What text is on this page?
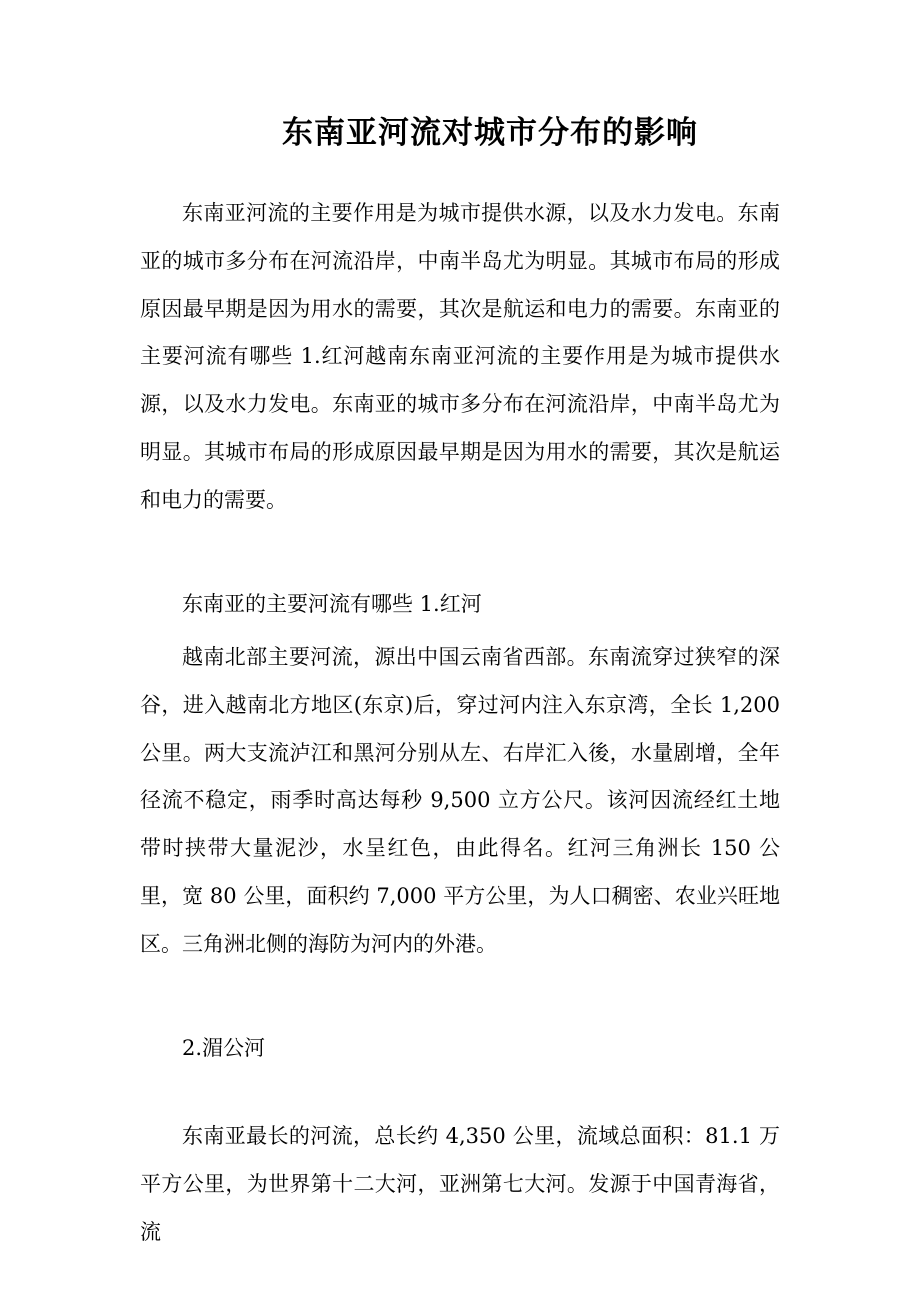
东南亚河流对城市分布的影响

东南亚河流的主要作用是为城市提供水源，以及水力发电。东南亚的城市多分布在河流沿岸，中南半岛尤为明显。其城市布局的形成原因最早期是因为用水的需要，其次是航运和电力的需要。东南亚的主要河流有哪些 1.红河越南东南亚河流的主要作用是为城市提供水源，以及水力发电。东南亚的城市多分布在河流沿岸，中南半岛尤为明显。其城市布局的形成原因最早期是因为用水的需要，其次是航运和电力的需要。

东南亚的主要河流有哪些 1.红河

越南北部主要河流，源出中国云南省西部。东南流穿过狭窄的深谷，进入越南北方地区(东京)后，穿过河内注入东京湾，全长 1,200 公里。两大支流泸江和黑河分别从左、右岸汇入後，水量剧增，全年径流不稳定，雨季时高达每秒 9,500 立方公尺。该河因流经红土地带时挟带大量泥沙，水呈红色，由此得名。红河三角洲长 150 公里，宽 80 公里，面积约 7,000 平方公里，为人口稠密、农业兴旺地区。三角洲北侧的海防为河内的外港。

2.湄公河

东南亚最长的河流，总长约 4,350 公里，流域总面积：81.1 万平方公里，为世界第十二大河，亚洲第七大河。发源于中国青海省，流
